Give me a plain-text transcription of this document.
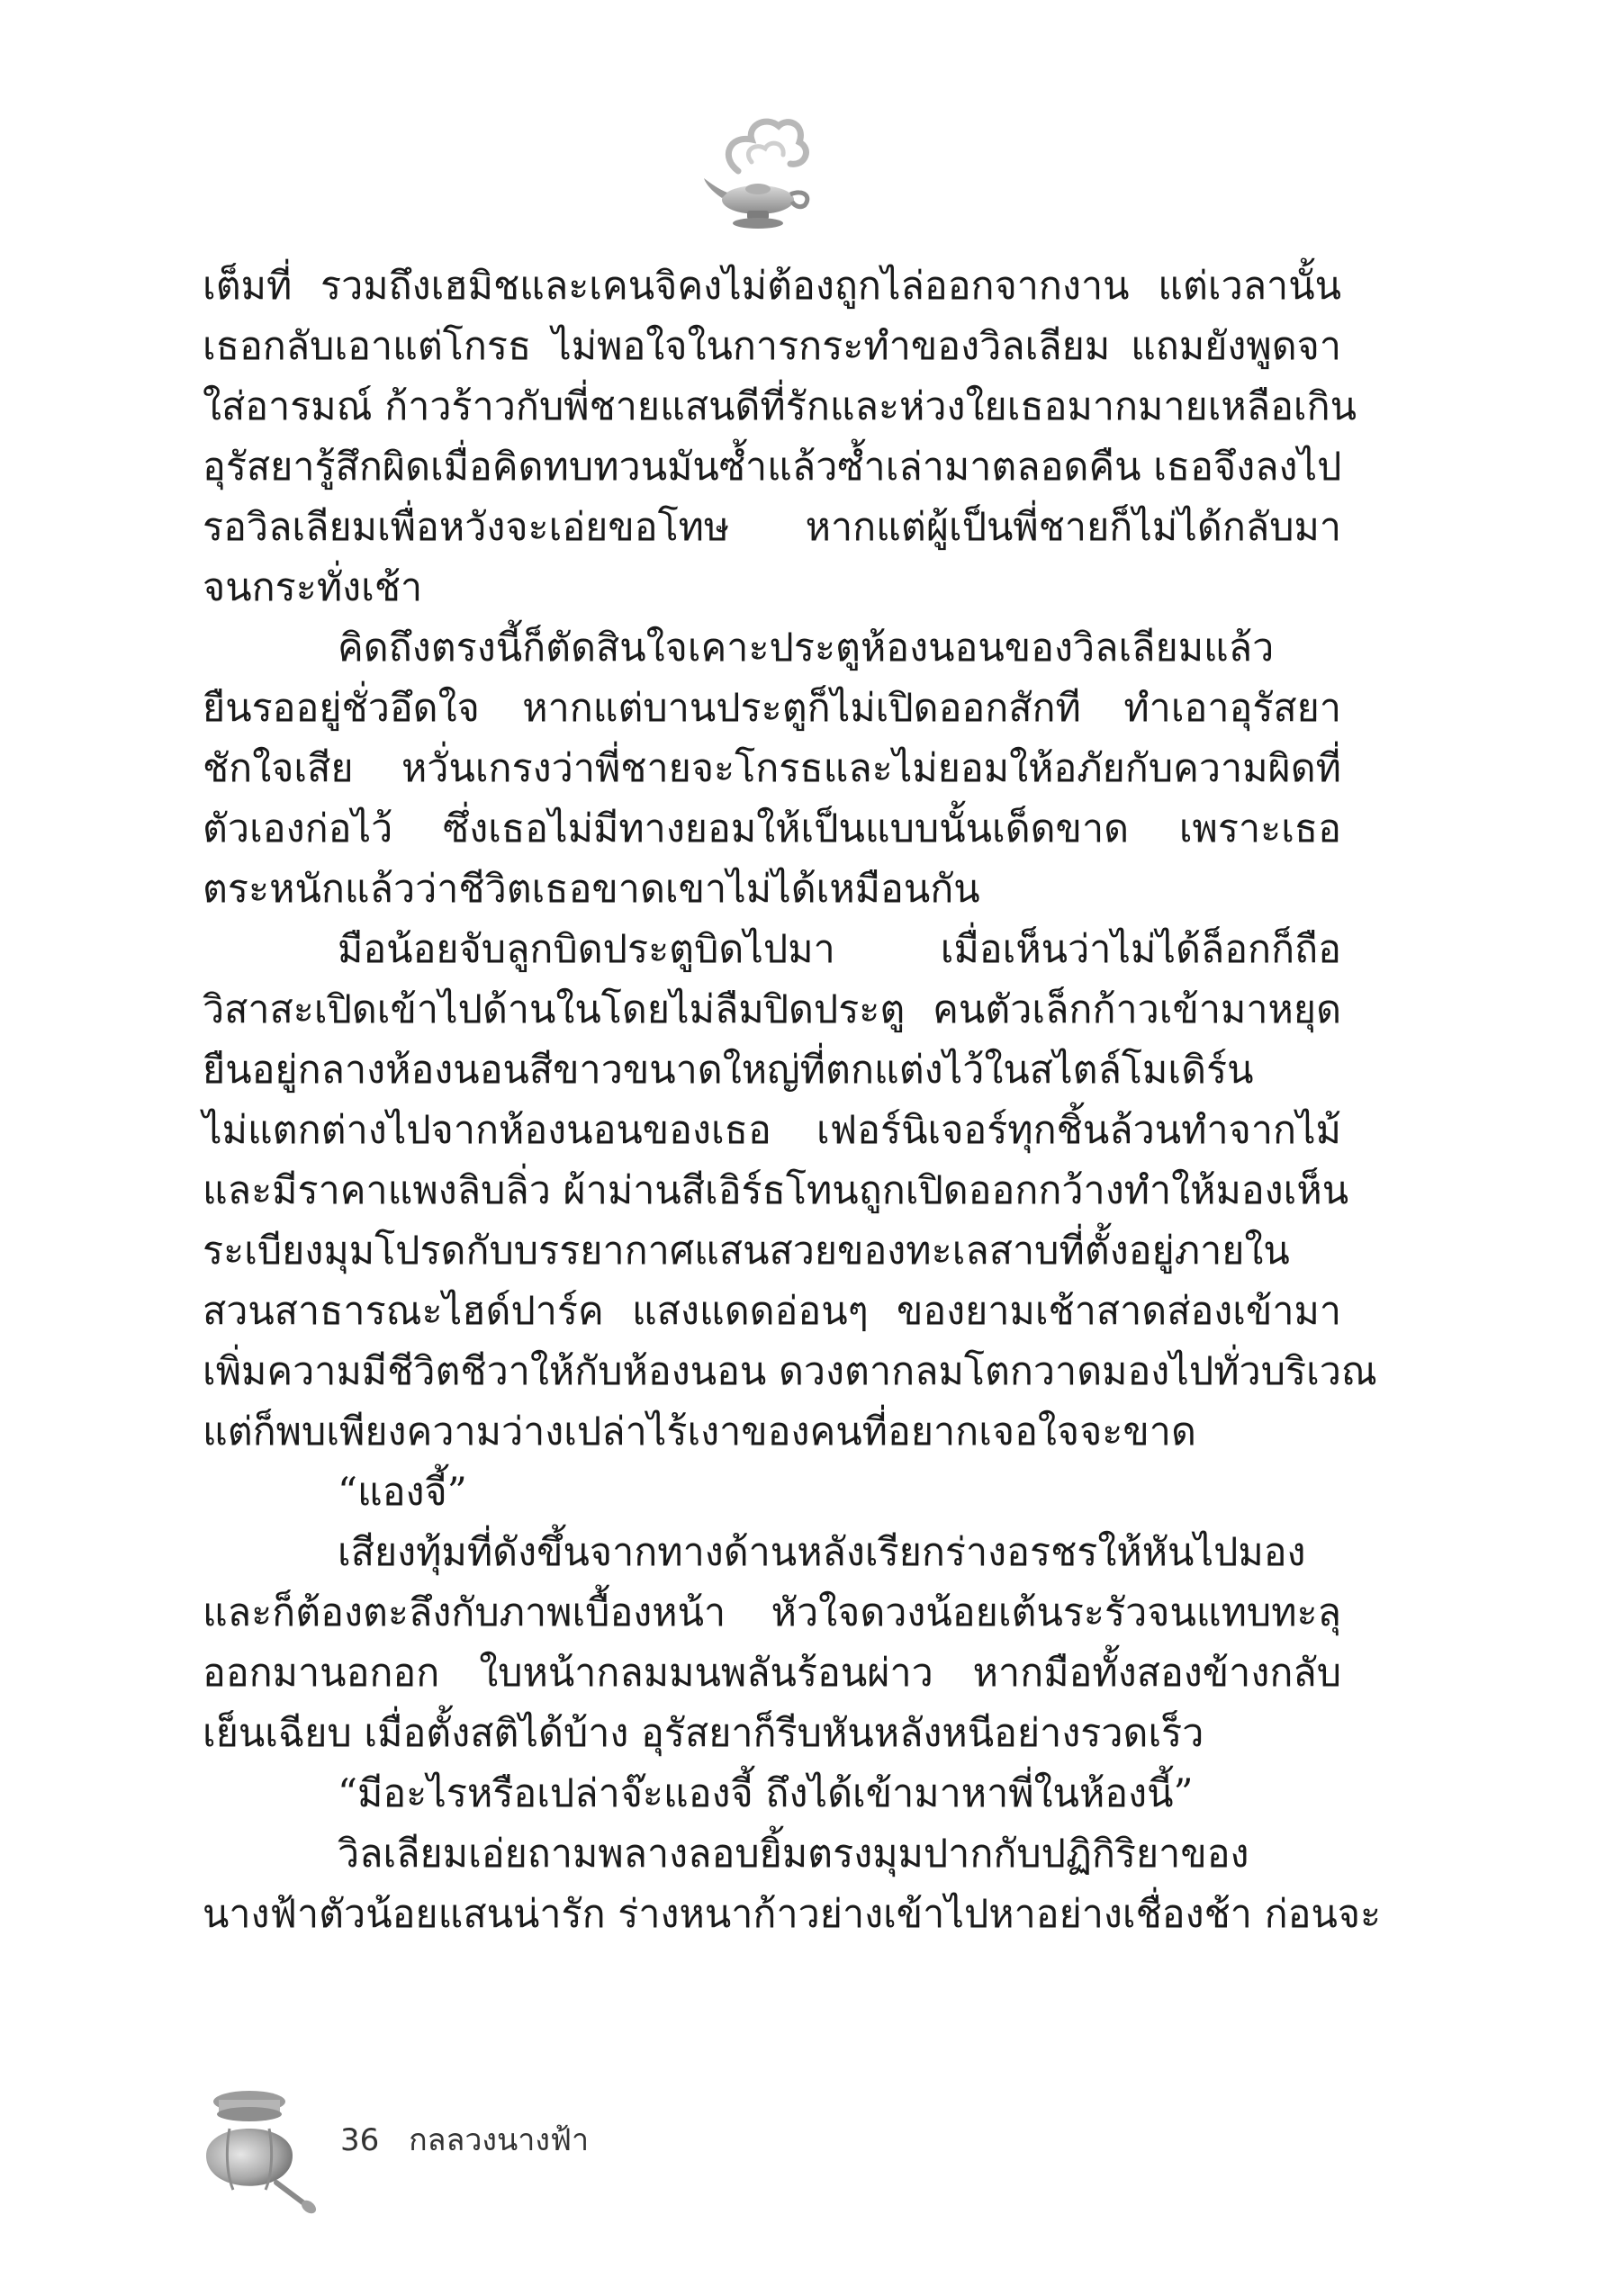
เต็มที่ รวมถึงเฮมิชและเคนจิคงไม่ต้องถูกไล่ออกจากงาน แต่เวลานั้น
เธอกลับเอาแต่โกรธ ไม่พอใจในการกระทำของวิลเลียม แถมยังพูดจา
ใส่อารมณ์ ก้าวร้าวกับพี่ชายแสนดีที่รักและห่วงใยเธอมากมายเหลือเกิน
อุรัสยารู้สึกผิดเมื่อคิดทบทวนมันซ้ำแล้วซ้ำเล่ามาตลอดคืน เธอจึงลงไป
รอวิลเลียมเพื่อหวังจะเอ่ยขอโทษ หากแต่ผู้เป็นพี่ชายก็ไม่ได้กลับมา
จนกระทั่งเช้า
คิดถึงตรงนี้ก็ตัดสินใจเคาะประตูห้องนอนของวิลเลียมแล้ว
ยืนรออยู่ชั่วอึดใจ หากแต่บานประตูก็ไม่เปิดออกสักที ทำเอาอุรัสยา
ชักใจเสีย หวั่นเกรงว่าพี่ชายจะโกรธและไม่ยอมให้อภัยกับความผิดที่
ตัวเองก่อไว้ ซึ่งเธอไม่มีทางยอมให้เป็นแบบนั้นเด็ดขาด เพราะเธอ
ตระหนักแล้วว่าชีวิตเธอขาดเขาไม่ได้เหมือนกัน
มือน้อยจับลูกบิดประตูบิดไปมา เมื่อเห็นว่าไม่ได้ล็อกก็ถือ
วิสาสะเปิดเข้าไปด้านในโดยไม่ลืมปิดประตู คนตัวเล็กก้าวเข้ามาหยุด
ยืนอยู่กลางห้องนอนสีขาวขนาดใหญ่ที่ตกแต่งไว้ในสไตล์โมเดิร์น
ไม่แตกต่างไปจากห้องนอนของเธอ เฟอร์นิเจอร์ทุกชิ้นล้วนทำจากไม้
และมีราคาแพงลิบลิ่ว ผ้าม่านสีเอิร์ธโทนถูกเปิดออกกว้างทำให้มองเห็น
ระเบียงมุมโปรดกับบรรยากาศแสนสวยของทะเลสาบที่ตั้งอยู่ภายใน
สวนสาธารณะไฮด์ปาร์ค แสงแดดอ่อนๆ ของยามเช้าสาดส่องเข้ามา
เพิ่มความมีชีวิตชีวาให้กับห้องนอน ดวงตากลมโตกวาดมองไปทั่วบริเวณ
แต่ก็พบเพียงความว่างเปล่าไร้เงาของคนที่อยากเจอใจจะขาด
“แองจี้”
เสียงทุ้มที่ดังขึ้นจากทางด้านหลังเรียกร่างอรชรให้หันไปมอง
และก็ต้องตะลึงกับภาพเบื้องหน้า หัวใจดวงน้อยเต้นระรัวจนแทบทะลุ
ออกมานอกอก ใบหน้ากลมมนพลันร้อนผ่าว หากมือทั้งสองข้างกลับ
เย็นเฉียบ เมื่อตั้งสติได้บ้าง อุรัสยาก็รีบหันหลังหนีอย่างรวดเร็ว
“มีอะไรหรือเปล่าจ๊ะแองจี้ ถึงได้เข้ามาหาพี่ในห้องนี้”
วิลเลียมเอ่ยถามพลางลอบยิ้มตรงมุมปากกับปฏิกิริยาของ
นางฟ้าตัวน้อยแสนน่ารัก ร่างหนาก้าวย่างเข้าไปหาอย่างเชื่องช้า ก่อนจะ
36 กลลวงนางฟ้า
